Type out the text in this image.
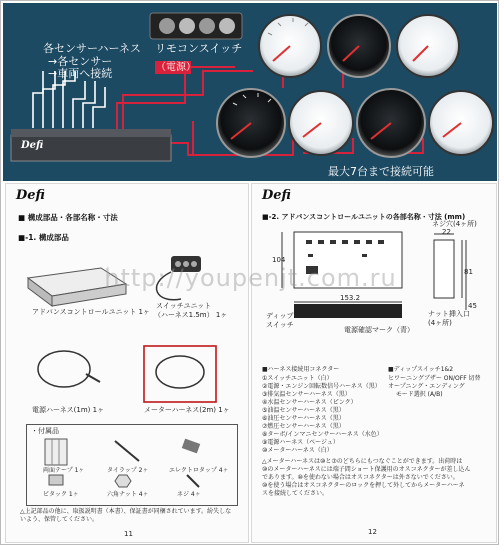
各センサーハーネス
→各センサー
→車両へ接続
リモコンスイッチ
（電源）
最大7台まで接続可能
Defi
Defi
■ 構成部品・各部名称・寸法
■-1. 構成部品
アドバンスコントロールユニット 1ヶ
スイッチユニット
（ハーネス1.5m） 1ヶ
電源ハーネス(1m) 1ヶ	メーターハーネス(2m) 1ヶ
・付属品
両面テープ 1ヶ	タイラップ 2ヶ	エレクトロタップ 4ヶ
ビタック 1ヶ	六角ナット 4ヶ	ネジ 4ヶ
△上記部品の他に、取扱説明書（本書）、保証書が同梱されています。紛失しないよう、保管してください。
11
Defi
■-2. アドバンスコントロールユニットの各部名称・寸法 (mm)
ネジ穴(4ヶ所)
22
104
81
153.2
45
ディップ
スイッチ
ナット挿入口
(4ヶ所)
電源確認マーク（青）
■ハーネス接続用コネクター
①スイッチユニット（白）
②電源・エンジン回転数信号ハーネス（黒）
③排気温センサーハーネス（黒）
④水温センサーハーネス（ピンク）
⑤油温センサーハーネス（黒）
⑥油圧センサーハーネス（黒）
⑦燃圧センサーハーネス（黒）
⑧ターボ/インマニセンサーハーネス（水色）
⑨電源ハーネス（ベージュ）
⑩メーターハーネス（白）
■ディップスイッチ1&2
ヒワーニングブザー ON/OFF 切替
オープニング・エンディング
モード選択 (A/B)
△メーターハーネスは⑩と⑦のどちらにもつなぐことができます。出荷時は
⑩のメーターハーネスには端子間ショート保護用のオスコネクターが差し込ん
であります。⑩を使わない場合はオスコネクターは外さないでください。
⑩を使う場合はオスコネクターのロックを押して外してからメーターハーネ
スを接続してください。
12
http://youpenjt.com.ru
